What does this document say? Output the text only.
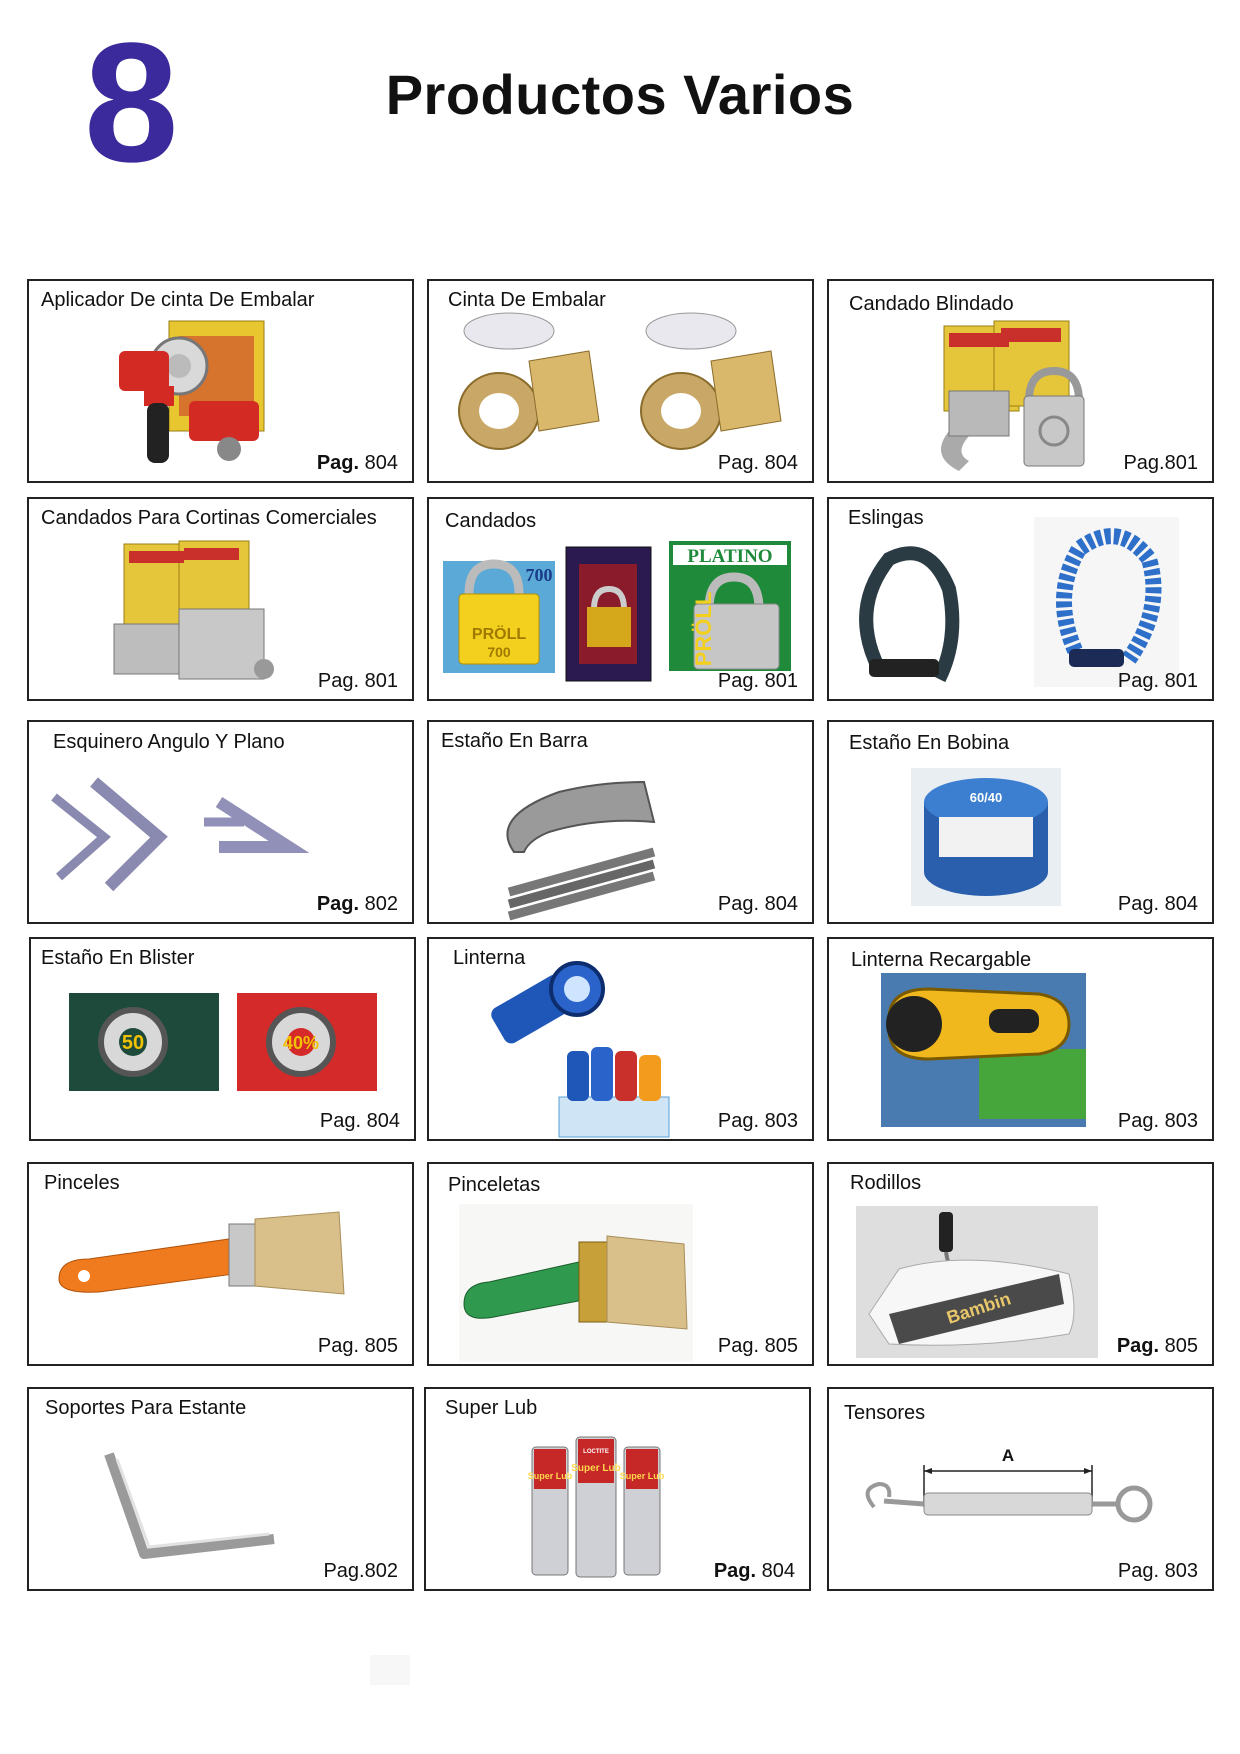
8	Productos Varios
Aplicador De cinta De Embalar
Pag. 804
Cinta De Embalar
Pag. 804
Candado Blindado
Pag.801
Candados Para Cortinas Comerciales
Pag. 801
PRÖLL
700
700
PLATINO
PRÖLL
Candados
Pag. 801
Eslingas
Pag. 801
Esquinero Angulo Y Plano
Pag. 802
Estaño En Barra
Pag. 804
60/40
Estaño En Bobina
Pag. 804
50	40%
Estaño En Blister
Pag. 804
Linterna
Pag. 803
Linterna Recargable
Pag. 803
Pinceles
Pag. 805
Pinceletas
Pag. 805
Bambin
Rodillos
Pag. 805
Soportes Para Estante
Pag.802
Super Lub
LOCTITE
Super Lub
Super Lub
Super Lub
Pag. 804
A
Tensores
Pag. 803
